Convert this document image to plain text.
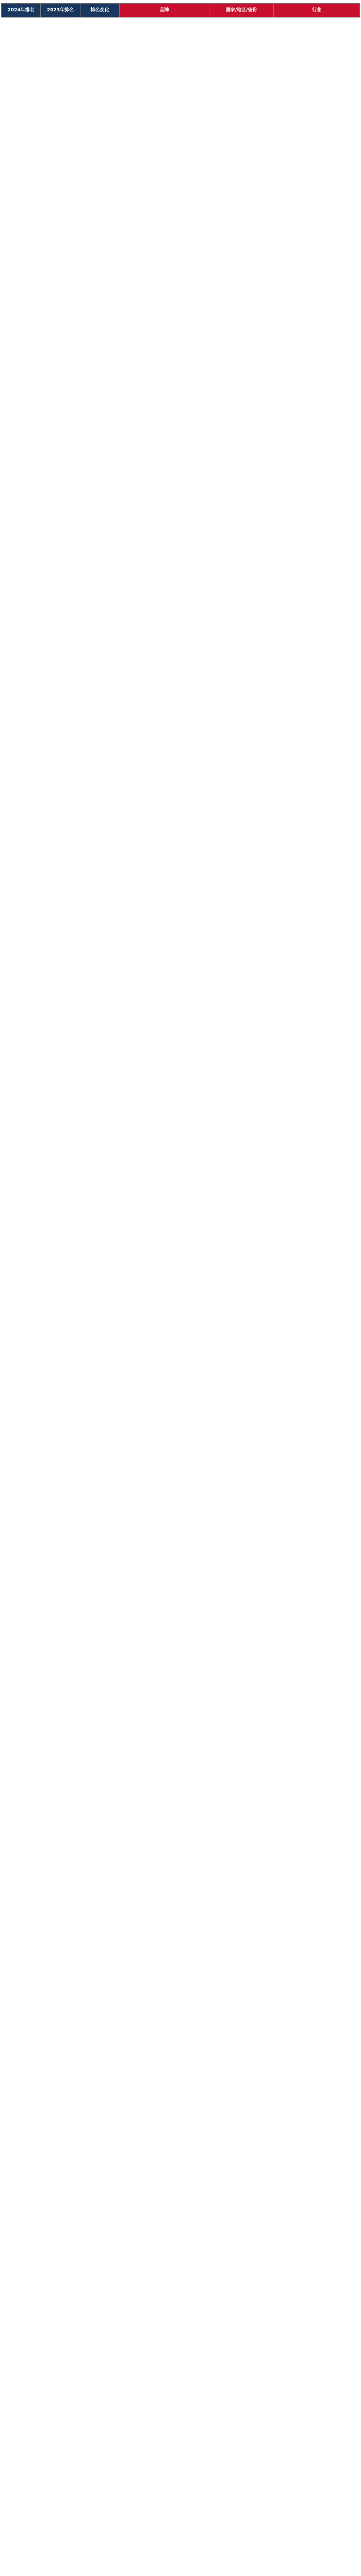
2024年排名	2023年排名	排名变化	品牌	国家/地区/省份	行业
